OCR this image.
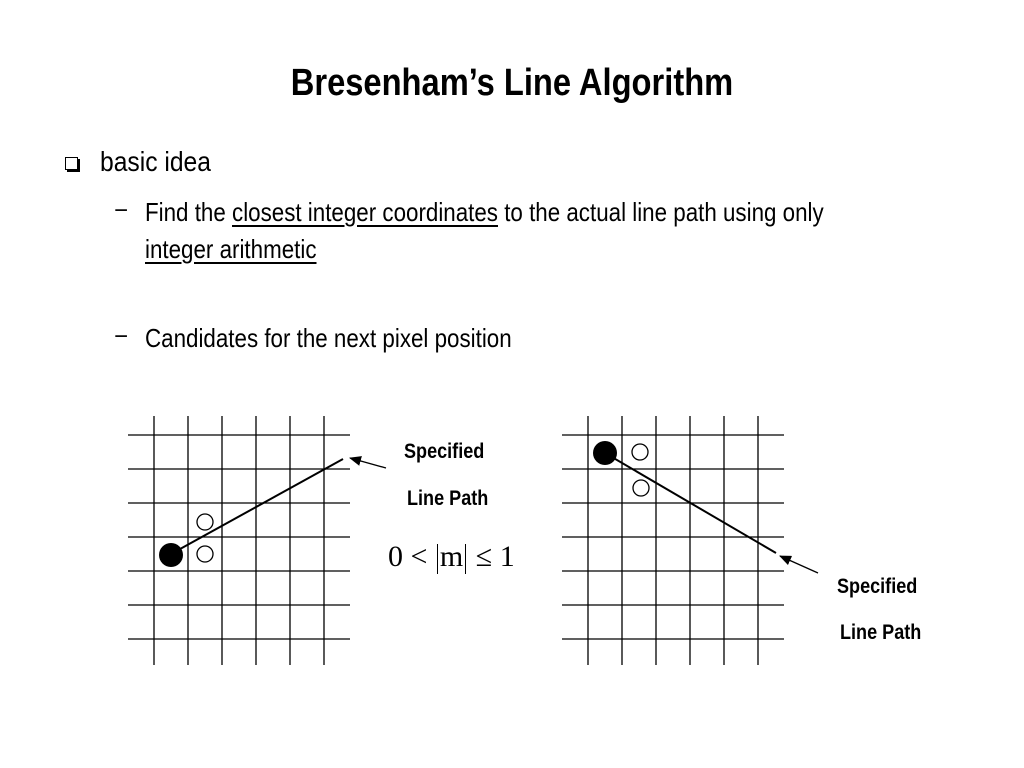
Bresenham’s Line Algorithm
basic idea
− Find the closest integer coordinates to the actual line path using only
integer arithmetic
− Candidates for the next pixel position
Specified
Line Path
0 < m ≤ 1
Specified
Line Path
